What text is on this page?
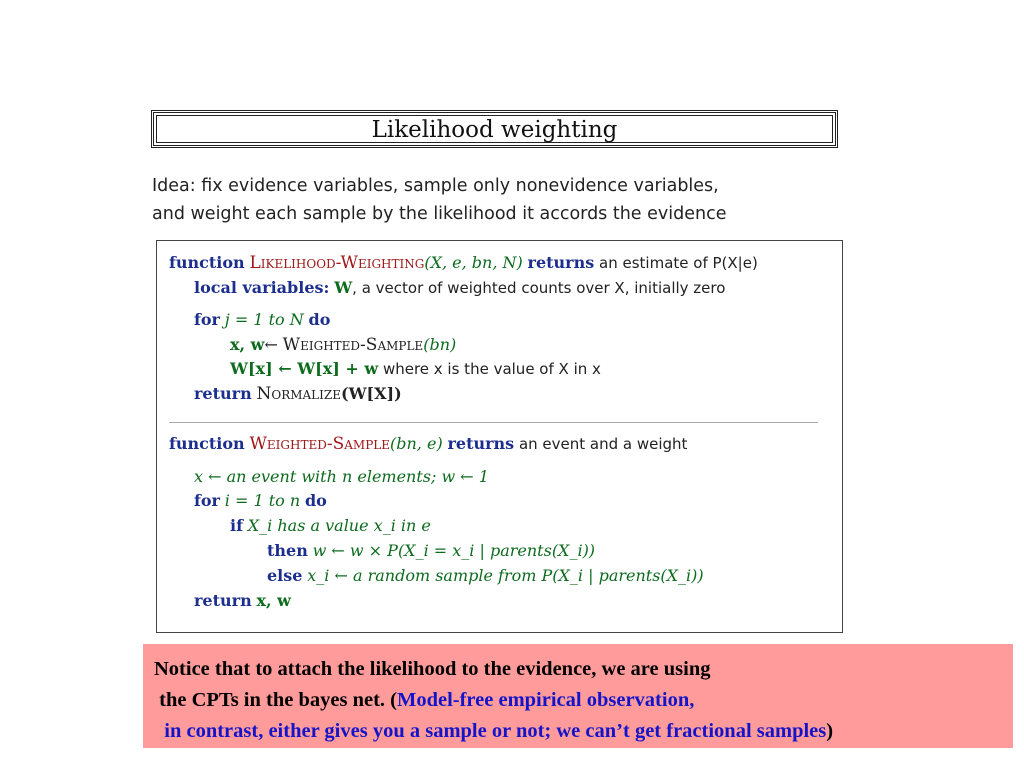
Likelihood weighting
Idea: fix evidence variables, sample only nonevidence variables,
and weight each sample by the likelihood it accords the evidence
function Likelihood-Weighting(X, e, bn, N) returns an estimate of P(X|e)
local variables: W, a vector of weighted counts over X, initially zero
for j = 1 to N do
x, w← Weighted-Sample(bn)
W[x] ← W[x] + w where x is the value of X in x
return Normalize(W[X])
function Weighted-Sample(bn, e) returns an event and a weight
x ← an event with n elements; w ← 1
for i = 1 to n do
if X_i has a value x_i in e
then w ← w × P(X_i = x_i | parents(X_i))
else x_i ← a random sample from P(X_i | parents(X_i))
return x, w
Notice that to attach the likelihood to the evidence, we are using
the CPTs in the bayes net. (Model-free empirical observation,
in contrast, either gives you a sample or not; we can’t get fractional samples)
